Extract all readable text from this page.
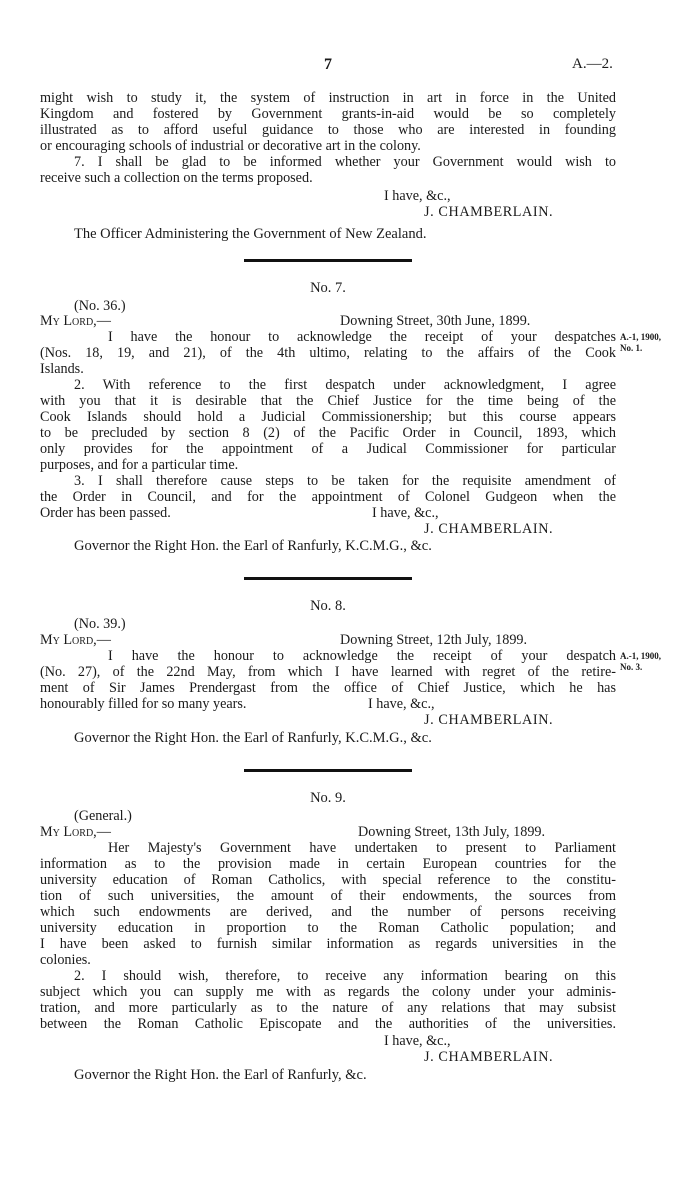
7	A.—2.
might wish to study it, the system of instruction in art in force in the United
Kingdom and fostered by Government grants-in-aid would be so completely
illustrated as to afford useful guidance to those who are interested in founding
or encouraging schools of industrial or decorative art in the colony.
7. I shall be glad to be informed whether your Government would wish to
receive such a collection on the terms proposed.
I have, &c.,
J. CHAMBERLAIN.
The Officer Administering the Government of New Zealand.
No. 7.
(No. 36.)
My Lord,—	Downing Street, 30th June, 1899.
I have the honour to acknowledge the receipt of your despatches
(Nos. 18, 19, and 21), of the 4th ultimo, relating to the affairs of the Cook
Islands.
2. With reference to the first despatch under acknowledgment, I agree
with you that it is desirable that the Chief Justice for the time being of the
Cook Islands should hold a Judicial Commissionership; but this course appears
to be precluded by section 8 (2) of the Pacific Order in Council, 1893, which
only provides for the appointment of a Judical Commissioner for particular
purposes, and for a particular time.
3. I shall therefore cause steps to be taken for the requisite amendment of
the Order in Council, and for the appointment of Colonel Gudgeon when the
Order has been passed.	I have, &c.,
J. CHAMBERLAIN.
Governor the Right Hon. the Earl of Ranfurly, K.C.M.G., &c.
A.-1, 1900,
No. 1.
No. 8.
(No. 39.)
My Lord,—	Downing Street, 12th July, 1899.
I have the honour to acknowledge the receipt of your despatch
(No. 27), of the 22nd May, from which I have learned with regret of the retire-
ment of Sir James Prendergast from the office of Chief Justice, which he has
honourably filled for so many years.	I have, &c.,
J. CHAMBERLAIN.
Governor the Right Hon. the Earl of Ranfurly, K.C.M.G., &c.
A.-1, 1900,
No. 3.
No. 9.
(General.)
My Lord,—	Downing Street, 13th July, 1899.
Her Majesty's Government have undertaken to present to Parliament
information as to the provision made in certain European countries for the
university education of Roman Catholics, with special reference to the constitu-
tion of such universities, the amount of their endowments, the sources from
which such endowments are derived, and the number of persons receiving
university education in proportion to the Roman Catholic population; and
I have been asked to furnish similar information as regards universities in the
colonies.
2. I should wish, therefore, to receive any information bearing on this
subject which you can supply me with as regards the colony under your adminis-
tration, and more particularly as to the nature of any relations that may subsist
between the Roman Catholic Episcopate and the authorities of the universities.
I have, &c.,
J. CHAMBERLAIN.
Governor the Right Hon. the Earl of Ranfurly, &c.
